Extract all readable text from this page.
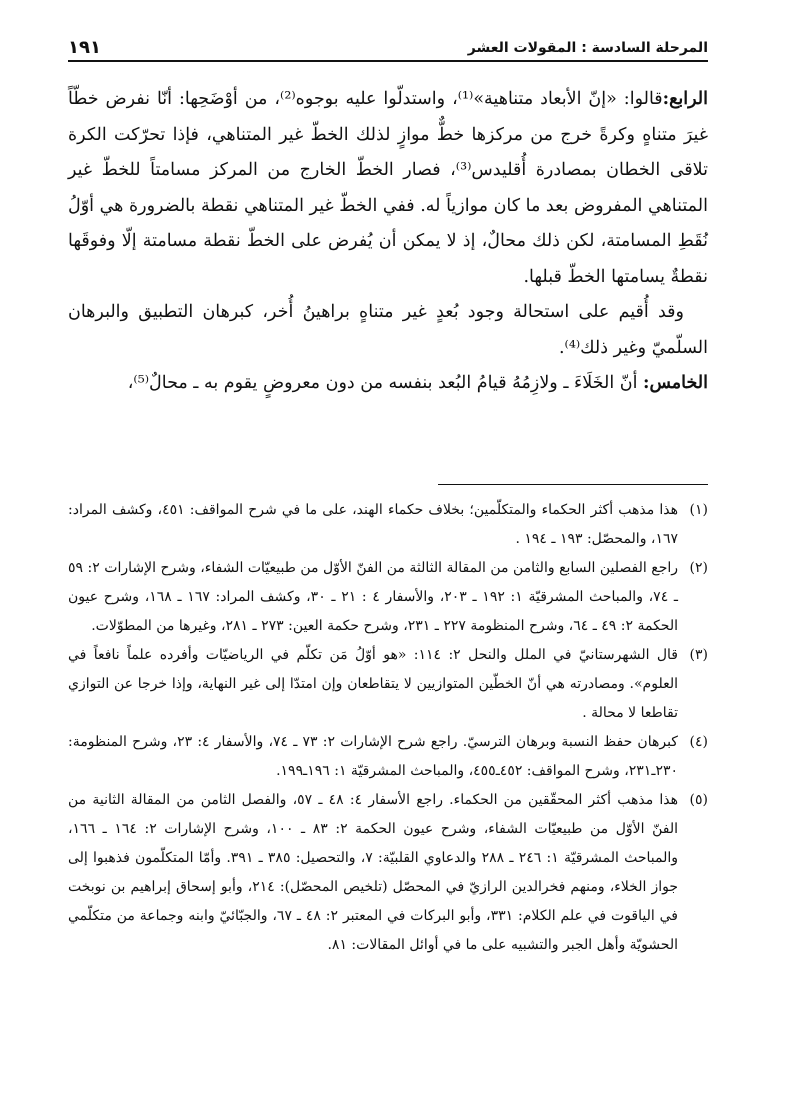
المرحلة السادسة : المقولات العشر
١٩١

الرابع:قالوا: «إنّ الأبعاد متناهية»⁽¹⁾، واستدلّوا عليه بوجوه⁽²⁾، من أوْضَحِها: أنّا نفرض خطّاً غيرَ متناهٍ وكرةً خرج من مركزها خطٌّ موازٍ لذلك الخطّ غير المتناهي، فإذا تحرّكت الكرة تلاقى الخطان بمصادرة أُقليدس⁽³⁾، فصار الخطّ الخارج من المركز مسامتاً للخطّ غير المتناهي المفروض بعد ما كان موازياً له. ففي الخطّ غير المتناهي نقطة بالضرورة هي أوّلُ نُقَطِ المسامتة، لكن ذلك محالٌ، إذ لا يمكن أن يُفرض على الخطّ نقطة مسامتة إلّا وفوقَها نقطةٌ يسامتها الخطّ قبلها.

وقد أُقيم على استحالة وجود بُعدٍ غير متناهٍ براهينُ أُخر، كبرهان التطبيق والبرهان السلّميّ وغير ذلك⁽⁴⁾.

الخامس: أنّ الخَلَاءَ ـ ولازِمُهُ قيامُ البُعد بنفسه من دون معروضٍ يقوم به ـ محالٌ⁽⁵⁾،

(١)
هذا مذهب أكثر الحكماء والمتكلّمين؛ بخلاف حكماء الهند، على ما في شرح المواقف: ٤٥١، وكشف المراد: ١٦٧، والمحصّل: ١٩٣ ـ ١٩٤ .

(٢)
راجع الفصلين السابع والثامن من المقالة الثالثة من الفنّ الأوّل من طبيعيّات الشفاء، وشرح الإشارات ٢: ٥٩ ـ ٧٤، والمباحث المشرقيّة ١: ١٩٢ ـ ٢٠٣، والأسفار ٤ : ٢١ ـ ٣٠، وكشف المراد: ١٦٧ ـ ١٦٨، وشرح عيون الحكمة ٢: ٤٩ ـ ٦٤، وشرح المنظومة ٢٢٧ ـ ٢٣١، وشرح حكمة العين: ٢٧٣ ـ ٢٨١، وغيرها من المطوّلات.

(٣)
قال الشهرستانيّ في الملل والنحل ٢: ١١٤: «هو أوّلُ مَن تكلّم في الرياضيّات وأفرده علماً نافعاً في العلوم». ومصادرته هي أنّ الخطّين المتوازيين لا يتقاطعان وإن امتدّا إلى غير النهاية، وإذا خرجا عن التوازي تقاطعا لا محالة .

(٤)
كبرهان حفظ النسبة وبرهان الترسيّ. راجع شرح الإشارات ٢: ٧٣ ـ ٧٤، والأسفار ٤: ٢٣، وشرح المنظومة: ٢٣٠ـ٢٣١، وشرح المواقف: ٤٥٢ـ٤٥٥، والمباحث المشرقيّة ١: ١٩٦ـ١٩٩.

(٥)
هذا مذهب أكثر المحقّقين من الحكماء. راجع الأسفار ٤: ٤٨ ـ ٥٧، والفصل الثامن من المقالة الثانية من الفنّ الأوّل من طبيعيّات الشفاء، وشرح عيون الحكمة ٢: ٨٣ ـ ١٠٠، وشرح الإشارات ٢: ١٦٤ ـ ١٦٦، والمباحث المشرقيّة ١: ٢٤٦ ـ ٢٨٨ والدعاوي القلبيّة: ٧، والتحصيل: ٣٨٥ ـ ٣٩١. وأمّا المتكلّمون فذهبوا إلى جواز الخلاء، ومنهم فخرالدين الرازيّ في المحصّل (تلخيص المحصّل): ٢١٤، وأبو إسحاق إبراهيم بن نوبخت في الياقوت في علم الكلام: ٣٣١، وأبو البركات في المعتبر ٢: ٤٨ ـ ٦٧، والجبّائيّ وابنه وجماعة من متكلّمي الحشويّة وأهل الجبر والتشبيه على ما في أوائل المقالات: ٨١.
